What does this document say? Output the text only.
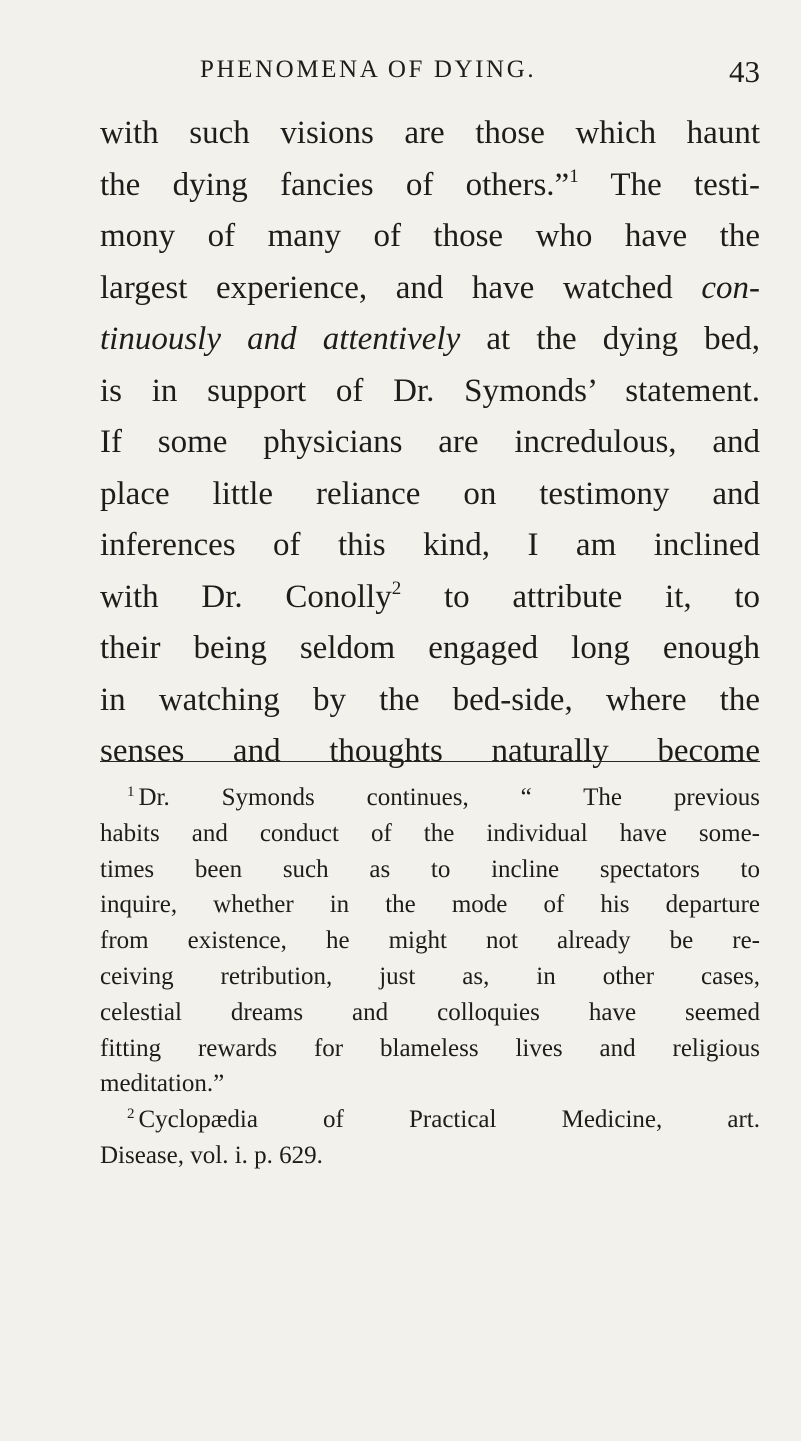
PHENOMENA OF DYING.	43
with such visions are those which haunt
the dying fancies of others.”$^1$ The testi-
mony of many of those who have the
largest experience, and have watched con-
tinuously and attentively at the dying bed,
is in support of Dr. Symonds’ statement.
If some physicians are incredulous, and
place little reliance on testimony and
inferences of this kind, I am inclined
with Dr. Conolly$^2$ to attribute it, to
their being seldom engaged long enough
in watching by the bed-side, where the
senses and thoughts naturally become
$^1$ Dr. Symonds continues, “ The previous
habits and conduct of the individual have some-
times been such as to incline spectators to
inquire, whether in the mode of his departure
from existence, he might not already be re-
ceiving retribution, just as, in other cases,
celestial dreams and colloquies have seemed
fitting rewards for blameless lives and religious
meditation.”
$^2$ Cyclopædia of Practical Medicine, art.
Disease, vol. i. p. 629.
